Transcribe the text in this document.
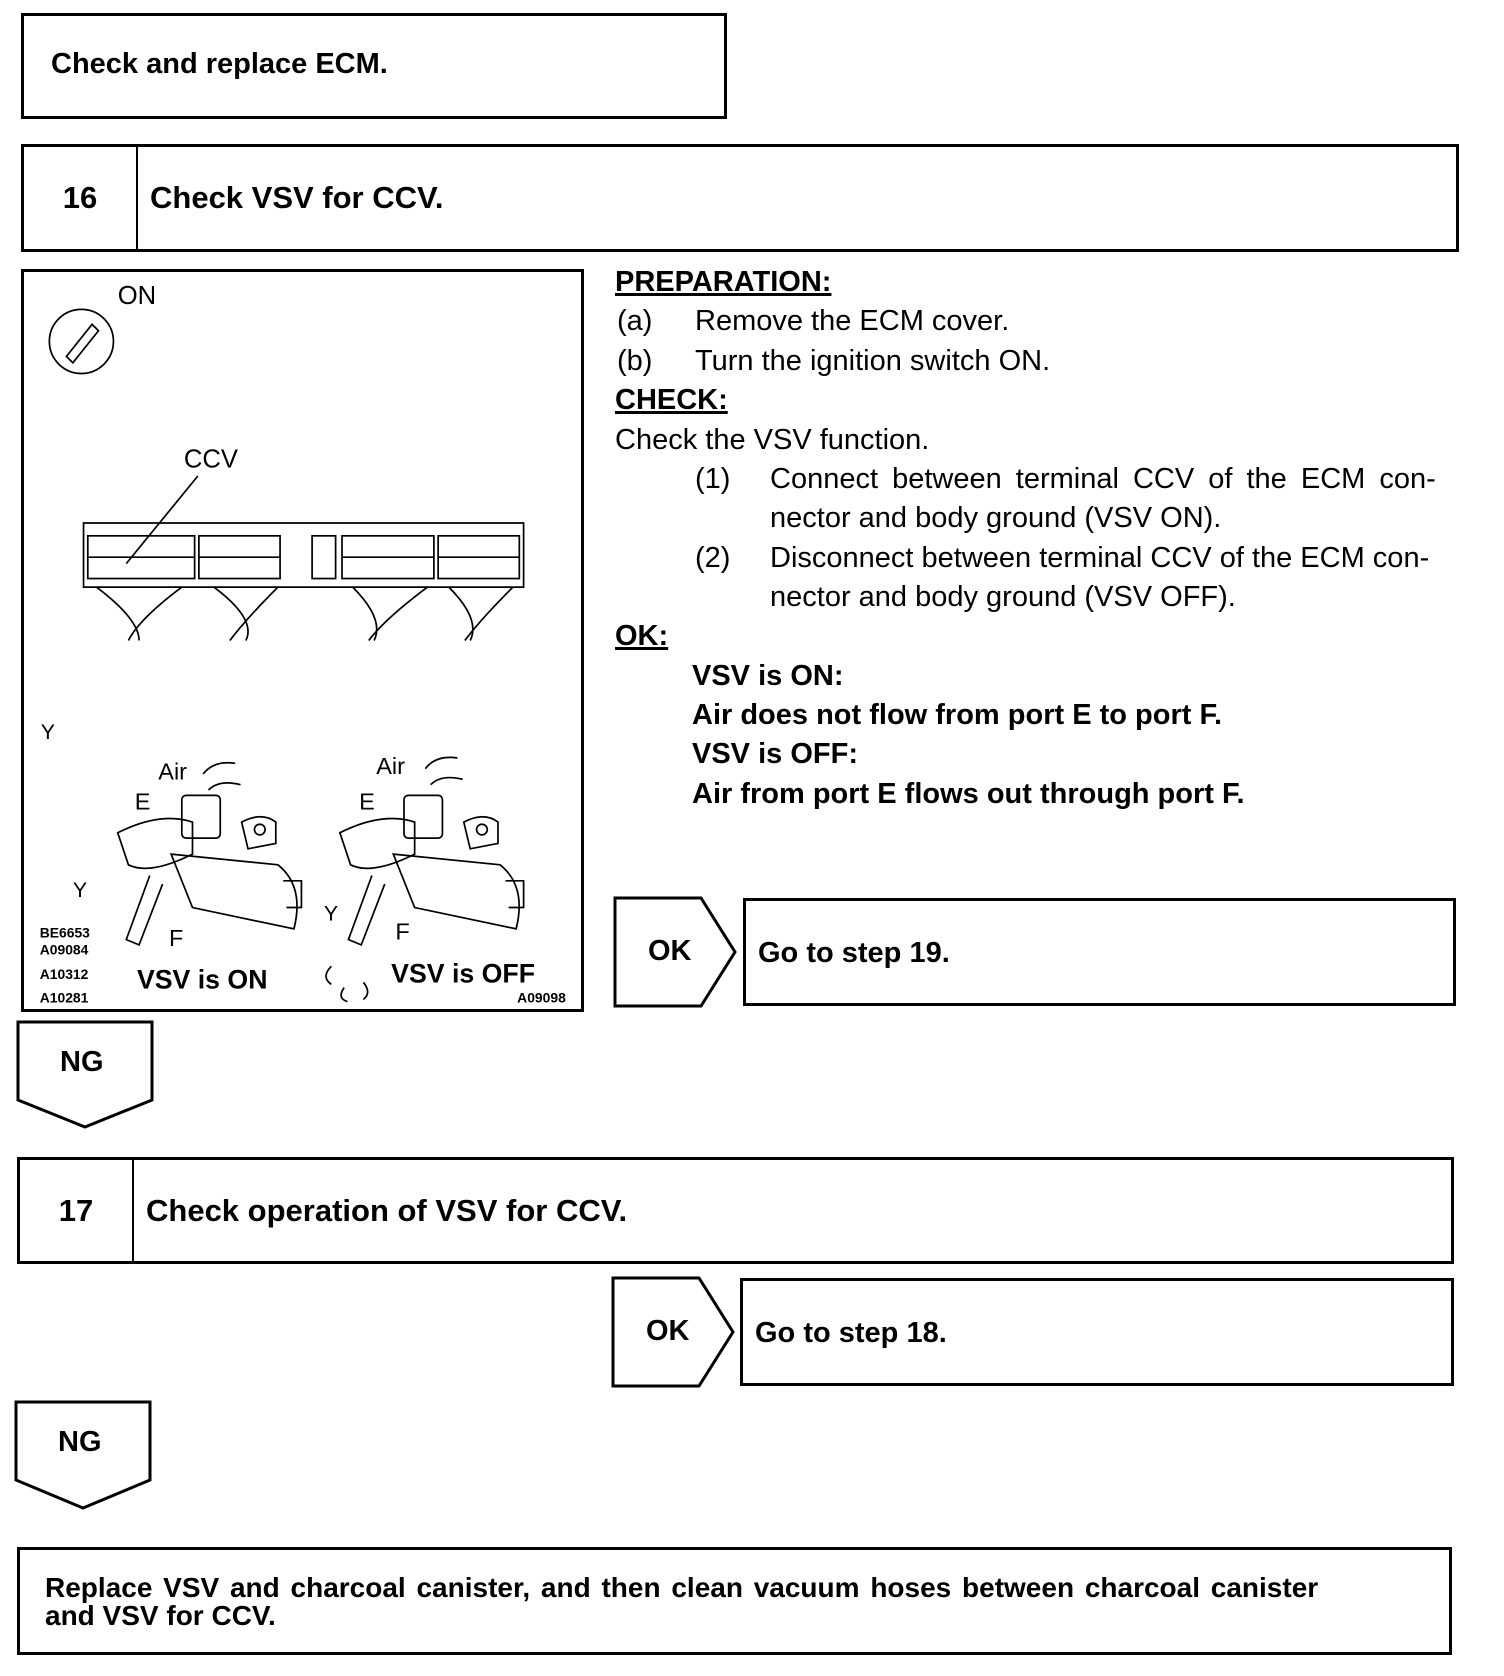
Check and replace ECM.
16	Check VSV for CCV.
ON
CCV
Y
Y
Y
Air
E
F
Air
E
F
VSV is ON	VSV is OFF
BE6653
A09084
A10312
A10281	A09098
PREPARATION:
(a) Remove the ECM cover.
(b) Turn the ignition switch ON.
CHECK:
Check the VSV function.
(1) Connect between terminal CCV of the ECM con-
nector and body ground (VSV ON).
(2) Disconnect between terminal CCV of the ECM con-
nector and body ground (VSV OFF).
OK:
VSV is ON:
Air does not flow from port E to port F.
VSV is OFF:
Air from port E flows out through port F.
OK Go to step 19.
NG
17	Check operation of VSV for CCV.
OK Go to step 18.
NG
Replace VSV and charcoal canister, and then clean vacuum hoses between charcoal canister
and VSV for CCV.
